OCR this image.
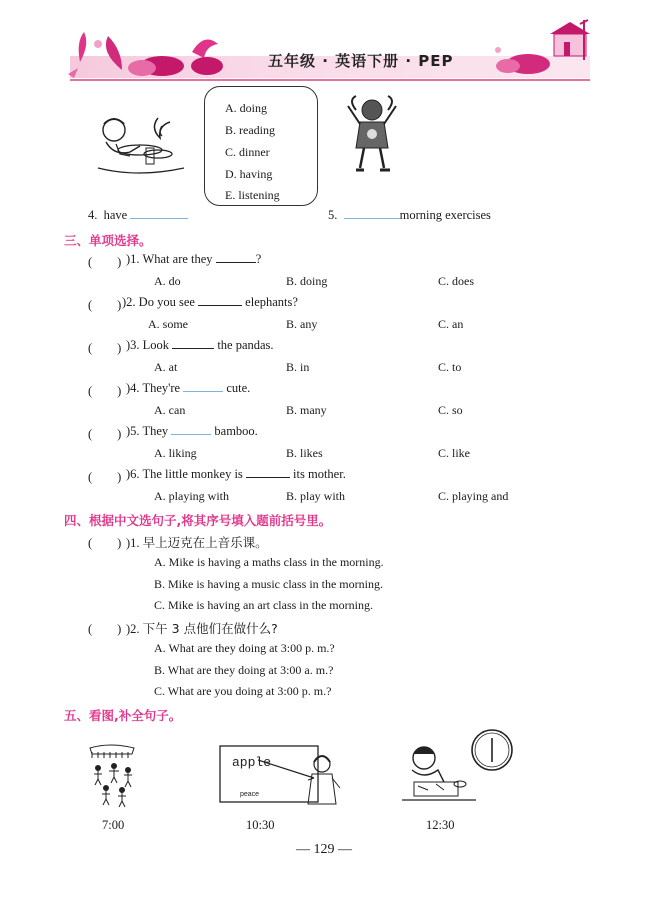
五年级 · 英语下册 · PEP
A. doing
B. reading
C. dinner
D. having
E. listening
4. have	5.	morning exercises
三、单项选择。
(　　) )1. What are they	?
A. do	B. doing	C. does
(　　) )2. Do you see	elephants?
A. some	B. any	C. an
(　　) )3. Look	the pandas.
A. at	B. in	C. to
(　　) )4. They're	cute.
A. can	B. many	C. so
(　　) )5. They	bamboo.
A. liking	B. likes	C. like
(　　) )6. The little monkey is	its mother.
A. playing with	B. play with	C. playing and
四、根据中文选句子,将其序号填入题前括号里。
(　　) )1. 早上迈克在上音乐课。
A. Mike is having a maths class in the morning.
B. Mike is having a music class in the morning.
C. Mike is having an art class in the morning.
(　　) )2. 下午 3 点他们在做什么?
A. What are they doing at 3:00 p. m.?
B. What are they doing at 3:00 a. m.?
C. What are you doing at 3:00 p. m.?
五、看图,补全句子。
7:00
apple
peace
10:30	12:30
— 129 —
